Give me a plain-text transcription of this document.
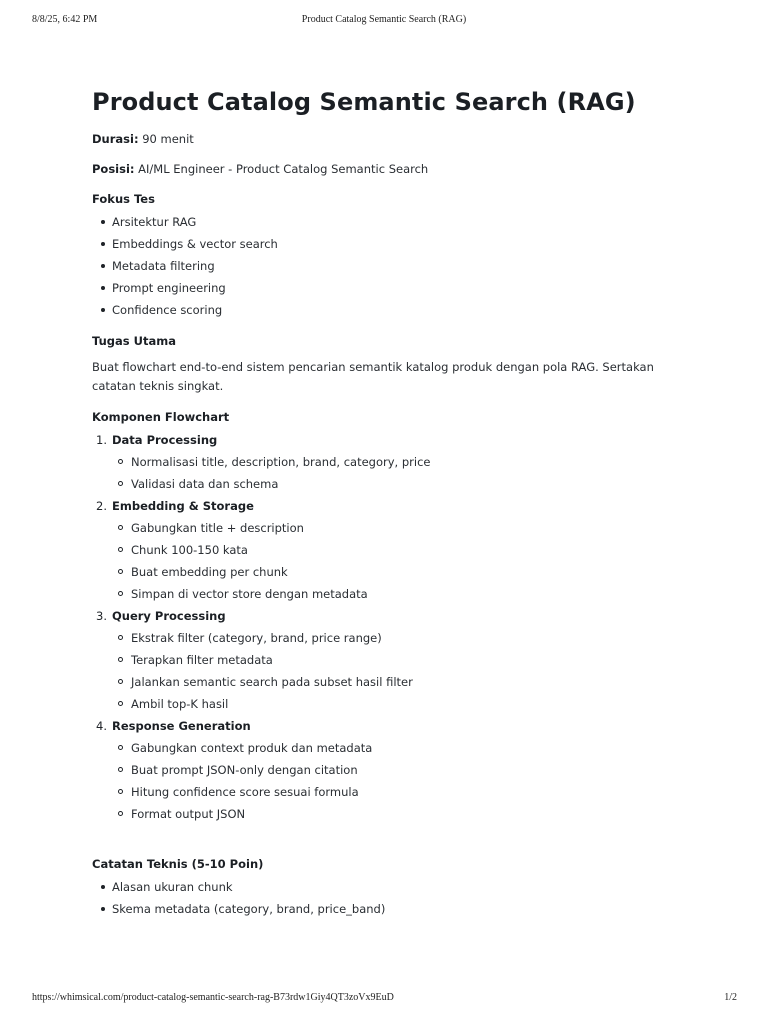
8/8/25, 6:42 PM	Product Catalog Semantic Search (RAG)
Product Catalog Semantic Search (RAG)

Durasi: 90 menit

Posisi: AI/ML Engineer - Product Catalog Semantic Search

Fokus Tes
Arsitektur RAG
Embeddings & vector search
Metadata filtering
Prompt engineering
Confidence scoring
Tugas Utama

Buat flowchart end-to-end sistem pencarian semantik katalog produk dengan pola RAG. Sertakan catatan teknis singkat.

Komponen Flowchart
1. Data Processing
Normalisasi title, description, brand, category, price
Validasi data dan schema
2. Embedding & Storage
Gabungkan title + description
Chunk 100-150 kata
Buat embedding per chunk
Simpan di vector store dengan metadata
3. Query Processing
Ekstrak filter (category, brand, price range)
Terapkan filter metadata
Jalankan semantic search pada subset hasil filter
Ambil top-K hasil
4. Response Generation
Gabungkan context produk dan metadata
Buat prompt JSON-only dengan citation
Hitung confidence score sesuai formula
Format output JSON
Catatan Teknis (5-10 Poin)
Alasan ukuran chunk
Skema metadata (category, brand, price_band)
https://whimsical.com/product-catalog-semantic-search-rag-B73rdw1Giy4QT3zoVx9EuD	1/2
